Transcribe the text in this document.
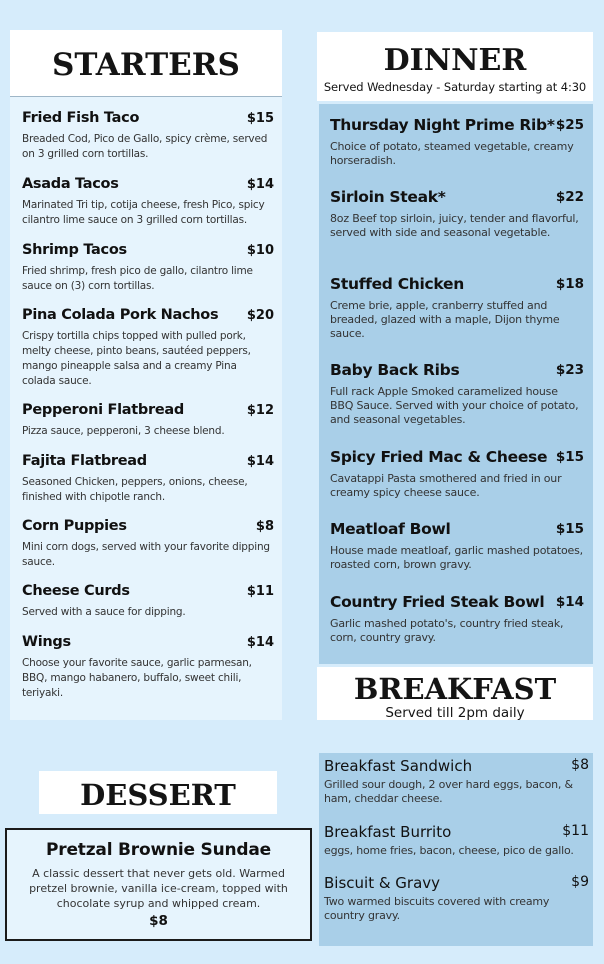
STARTERS
Fried Fish Taco	$15
Breaded Cod, Pico de Gallo, spicy crème, served on 3 grilled corn tortillas.
Asada Tacos	$14
Marinated Tri tip, cotija cheese, fresh Pico, spicy cilantro lime sauce on 3 grilled corn tortillas.
Shrimp Tacos	$10
Fried shrimp, fresh pico de gallo, cilantro lime sauce on (3) corn tortillas.
Pina Colada Pork Nachos	$20
Crispy tortilla chips topped with pulled pork, melty cheese, pinto beans, sautéed peppers, mango pineapple salsa and a creamy Pina colada sauce.
Pepperoni Flatbread	$12
Pizza sauce, pepperoni, 3 cheese blend.
Fajita Flatbread	$14
Seasoned Chicken, peppers, onions, cheese, finished with chipotle ranch.
Corn Puppies	$8
Mini corn dogs, served with your favorite dipping sauce.
Cheese Curds	$11
Served with a sauce for dipping.
Wings	$14
Choose your favorite sauce, garlic parmesan, BBQ, mango habanero, buffalo, sweet chili, teriyaki.
DINNER
Served Wednesday - Saturday starting at 4:30
Thursday Night Prime Rib* $25
Choice of potato, steamed vegetable, creamy horseradish.
Sirloin Steak*	$22
8oz Beef top sirloin, juicy, tender and flavorful, served with side and seasonal vegetable.
Stuffed Chicken	$18
Creme brie, apple, cranberry stuffed and breaded, glazed with a maple, Dijon thyme sauce.
Baby Back Ribs	$23
Full rack Apple Smoked caramelized house BBQ Sauce. Served with your choice of potato, and seasonal vegetables.
Spicy Fried Mac & Cheese $15
Cavatappi Pasta smothered and fried in our creamy spicy cheese sauce.
Meatloaf Bowl	$15
House made meatloaf, garlic mashed potatoes, roasted corn, brown gravy.
Country Fried Steak Bowl $14
Garlic mashed potato's, country fried steak, corn, country gravy.
BREAKFAST
Served till 2pm daily
Breakfast Sandwich	$8
Grilled sour dough, 2 over hard eggs, bacon, & ham, cheddar cheese.
Breakfast Burrito	$11
eggs, home fries, bacon, cheese, pico de gallo.
Biscuit & Gravy	$9
Two warmed biscuits covered with creamy country gravy.
DESSERT
Pretzal Brownie Sundae
A classic dessert that never gets old. Warmed pretzel brownie, vanilla ice-cream, topped with chocolate syrup and whipped cream.
$8
